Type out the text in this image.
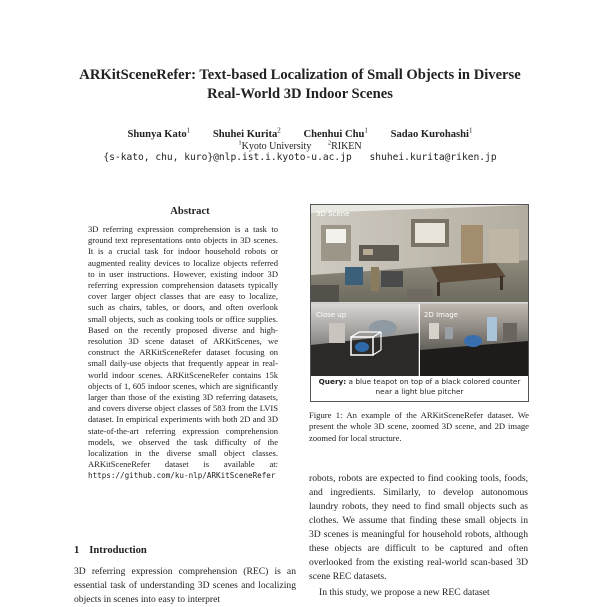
ARKitSceneRefer: Text-based Localization of Small Objects in Diverse
Real-World 3D Indoor Scenes
Shunya Kato$^1$ Shuhei Kurita$^2$ Chenhui Chu$^1$ Sadao Kurohashi$^1$
$^1$Kyoto University	$^2$RIKEN
{s-kato, chu, kuro}@nlp.ist.i.kyoto-u.ac.jp shuhei.kurita@riken.jp
Abstract
3D referring expression comprehension is a task to ground text representations onto objects in 3D scenes. It is a crucial task for indoor household robots or augmented reality devices to localize objects referred to in user instructions. However, existing indoor 3D referring expression comprehension datasets typically cover larger object classes that are easy to localize, such as chairs, tables, or doors, and often overlook small objects, such as cooking tools or office supplies. Based on the recently proposed diverse and high-resolution 3D scene dataset of ARKitScenes, we construct the ARKitSceneRefer dataset focusing on small daily-use objects that frequently appear in real-world indoor scenes. ARKitSceneRefer contains 15k objects of 1, 605 indoor scenes, which are significantly larger than those of the existing 3D referring datasets, and covers diverse object classes of 583 from the LVIS dataset. In empirical experiments with both 2D and 3D state-of-the-art referring expression comprehension models, we observed the task difficulty of the localization in the diverse small object classes. ARKitSceneRefer dataset is available at: https://github.com/ku-nlp/ARKitSceneRefer
1 Introduction
3D referring expression comprehension (REC) is an essential task of understanding 3D scenes and localizing objects in scenes into easy to interpret
3D Scene
Close up	2D Image
Query: a blue teapot on top of a black colored counter near a light blue pitcher
Figure 1: An example of the ARKitSceneRefer dataset. We present the whole 3D scene, zoomed 3D scene, and 2D image zoomed for local structure.
robots, robots are expected to find cooking tools, foods, and ingredients. Similarly, to develop autonomous laundry robots, they need to find small objects such as clothes. We assume that finding these small objects in 3D scenes is meaningful for household robots, although these objects are difficult to be captured and often overlooked from the existing real-world scan-based 3D scene REC datasets.
In this study, we propose a new REC dataset
